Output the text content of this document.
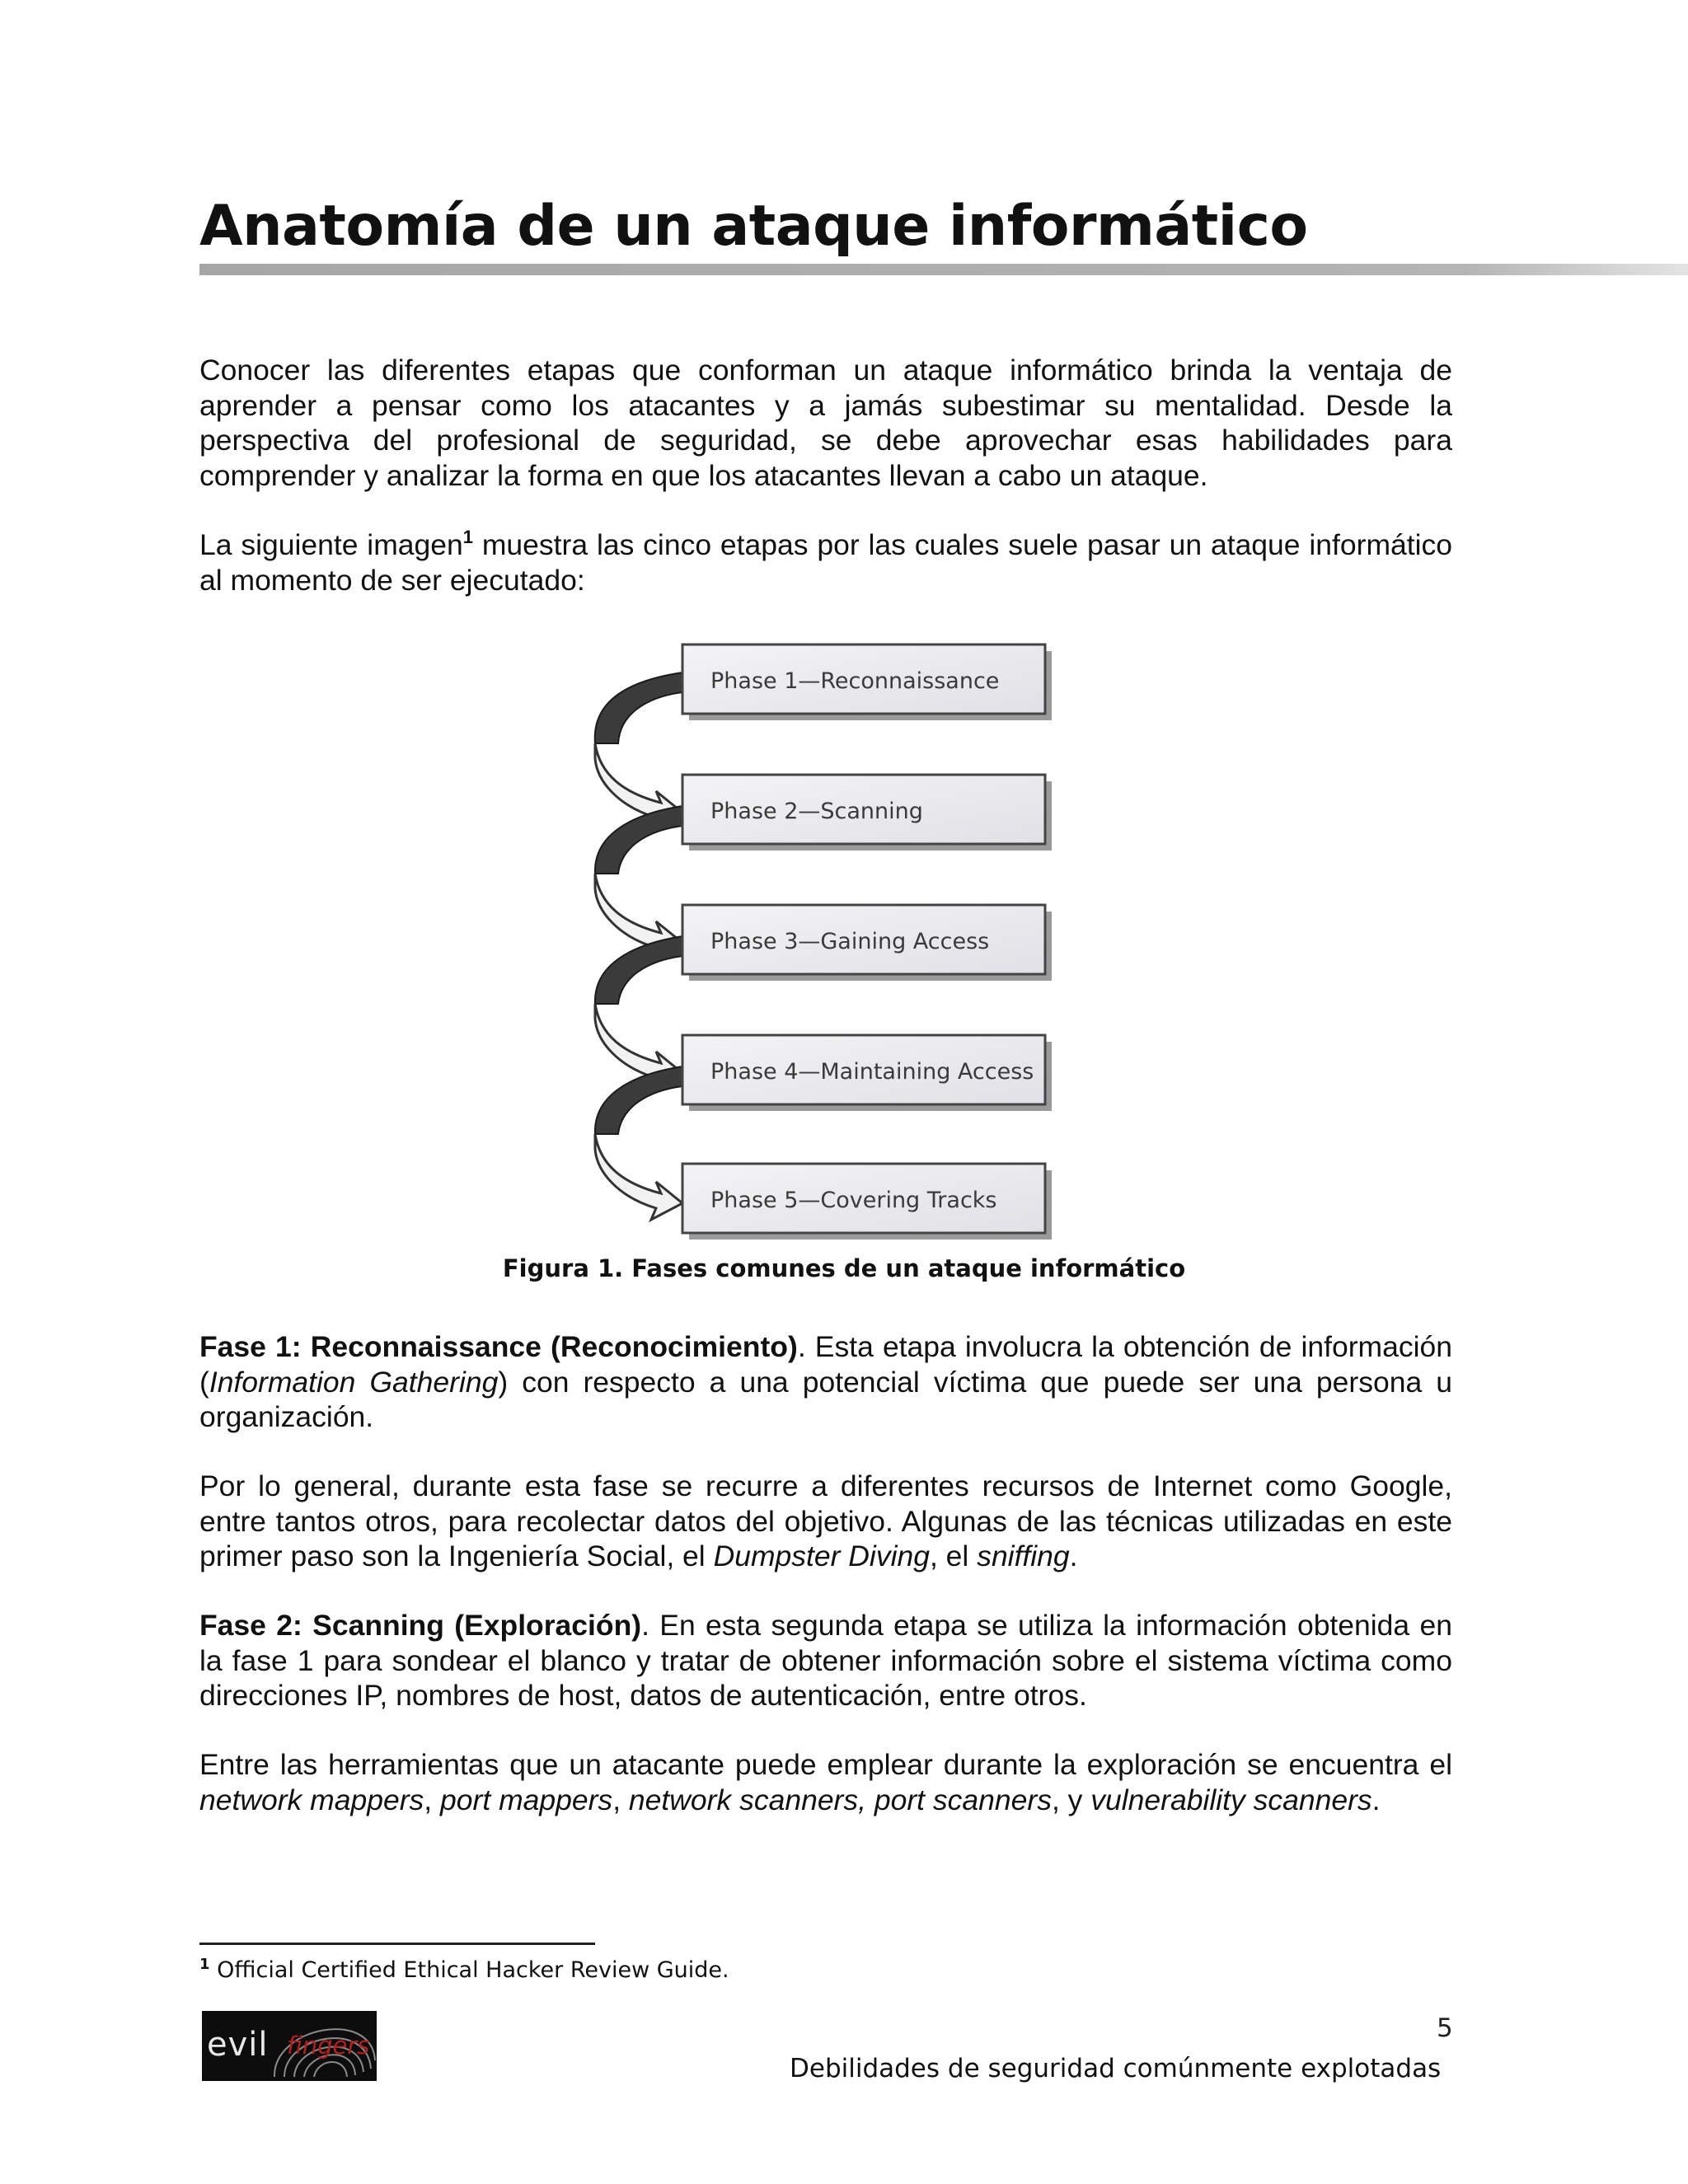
Anatomía de un ataque informático

Conocer las diferentes etapas que conforman un ataque informático brinda la ventaja de aprender a pensar como los atacantes y a jamás subestimar su mentalidad. Desde la perspectiva del profesional de seguridad, se debe aprovechar esas habilidades para comprender y analizar la forma en que los atacantes llevan a cabo un ataque.

La siguiente imagen$^1$ muestra las cinco etapas por las cuales suele pasar un ataque informático al momento de ser ejecutado:

Phase 1—Reconnaissance
Phase 2—Scanning
Phase 3—Gaining Access
Phase 4—Maintaining Access
Phase 5—Covering Tracks

Figura 1. Fases comunes de un ataque informático

Fase 1: Reconnaissance (Reconocimiento). Esta etapa involucra la obtención de información (Information Gathering) con respecto a una potencial víctima que puede ser una persona u organización.

Por lo general, durante esta fase se recurre a diferentes recursos de Internet como Google, entre tantos otros, para recolectar datos del objetivo. Algunas de las técnicas utilizadas en este primer paso son la Ingeniería Social, el Dumpster Diving, el sniffing.

Fase 2: Scanning (Exploración). En esta segunda etapa se utiliza la información obtenida en la fase 1 para sondear el blanco y tratar de obtener información sobre el sistema víctima como direcciones IP, nombres de host, datos de autenticación, entre otros.

Entre las herramientas que un atacante puede emplear durante la exploración se encuentra el network mappers, port mappers, network scanners, port scanners, y vulnerability scanners.

$^1$ Official Certified Ethical Hacker Review Guide.

5
evil fingers
Debilidades de seguridad comúnmente explotadas
